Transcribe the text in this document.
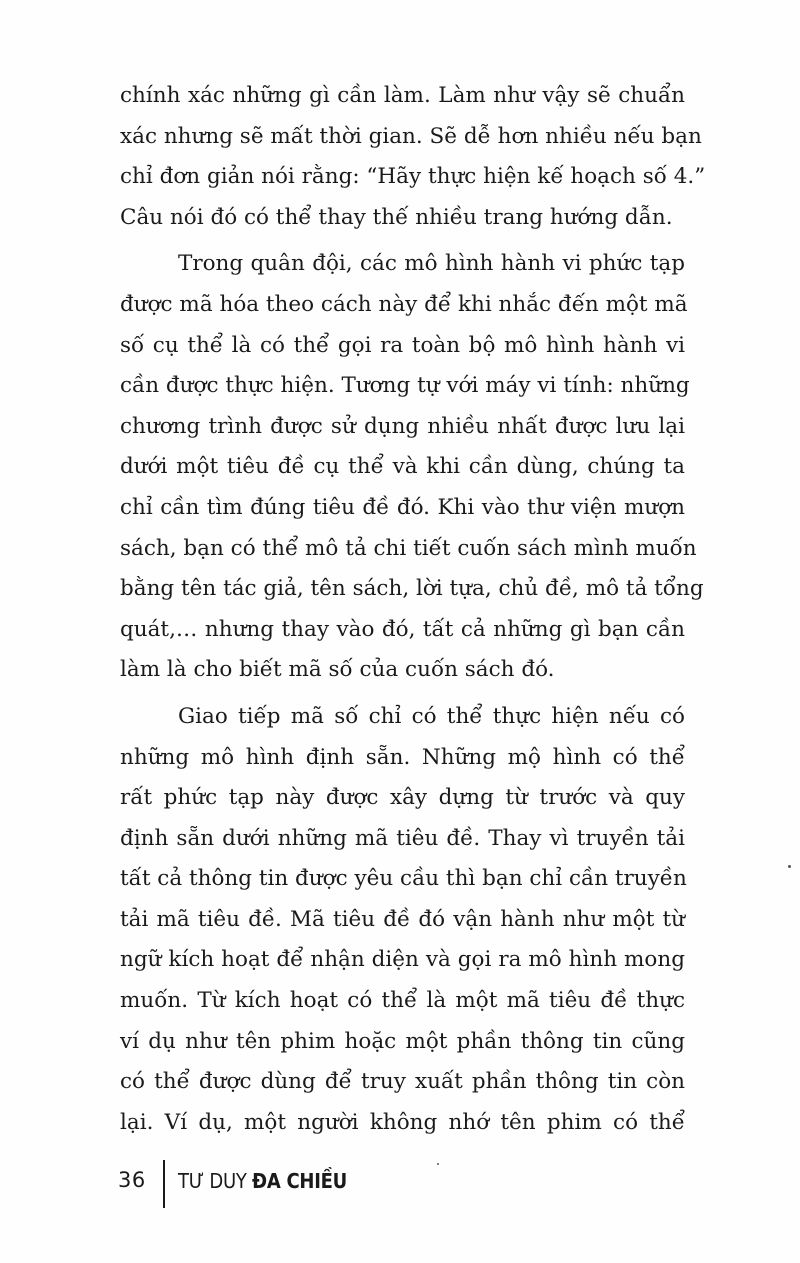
chính xác những gì cần làm. Làm như vậy sẽ chuẩn
xác nhưng sẽ mất thời gian. Sẽ dễ hơn nhiều nếu bạn
chỉ đơn giản nói rằng: “Hãy thực hiện kế hoạch số 4.”
Câu nói đó có thể thay thế nhiều trang hướng dẫn.
Trong quân đội, các mô hình hành vi phức tạp
được mã hóa theo cách này để khi nhắc đến một mã
số cụ thể là có thể gọi ra toàn bộ mô hình hành vi
cần được thực hiện. Tương tự với máy vi tính: những
chương trình được sử dụng nhiều nhất được lưu lại
dưới một tiêu đề cụ thể và khi cần dùng, chúng ta
chỉ cần tìm đúng tiêu đề đó. Khi vào thư viện mượn
sách, bạn có thể mô tả chi tiết cuốn sách mình muốn
bằng tên tác giả, tên sách, lời tựa, chủ đề, mô tả tổng
quát,… nhưng thay vào đó, tất cả những gì bạn cần
làm là cho biết mã số của cuốn sách đó.
Giao tiếp mã số chỉ có thể thực hiện nếu có
những mô hình định sẵn. Những mộ hình có thể
rất phức tạp này được xây dựng từ trước và quy
định sẵn dưới những mã tiêu đề. Thay vì truyền tải
tất cả thông tin được yêu cầu thì bạn chỉ cần truyền
tải mã tiêu đề. Mã tiêu đề đó vận hành như một từ
ngữ kích hoạt để nhận diện và gọi ra mô hình mong
muốn. Từ kích hoạt có thể là một mã tiêu đề thực
ví dụ như tên phim hoặc một phần thông tin cũng
có thể được dùng để truy xuất phần thông tin còn
lại. Ví dụ, một người không nhớ tên phim có thể
36 TƯ DUY ĐA CHIỀU
